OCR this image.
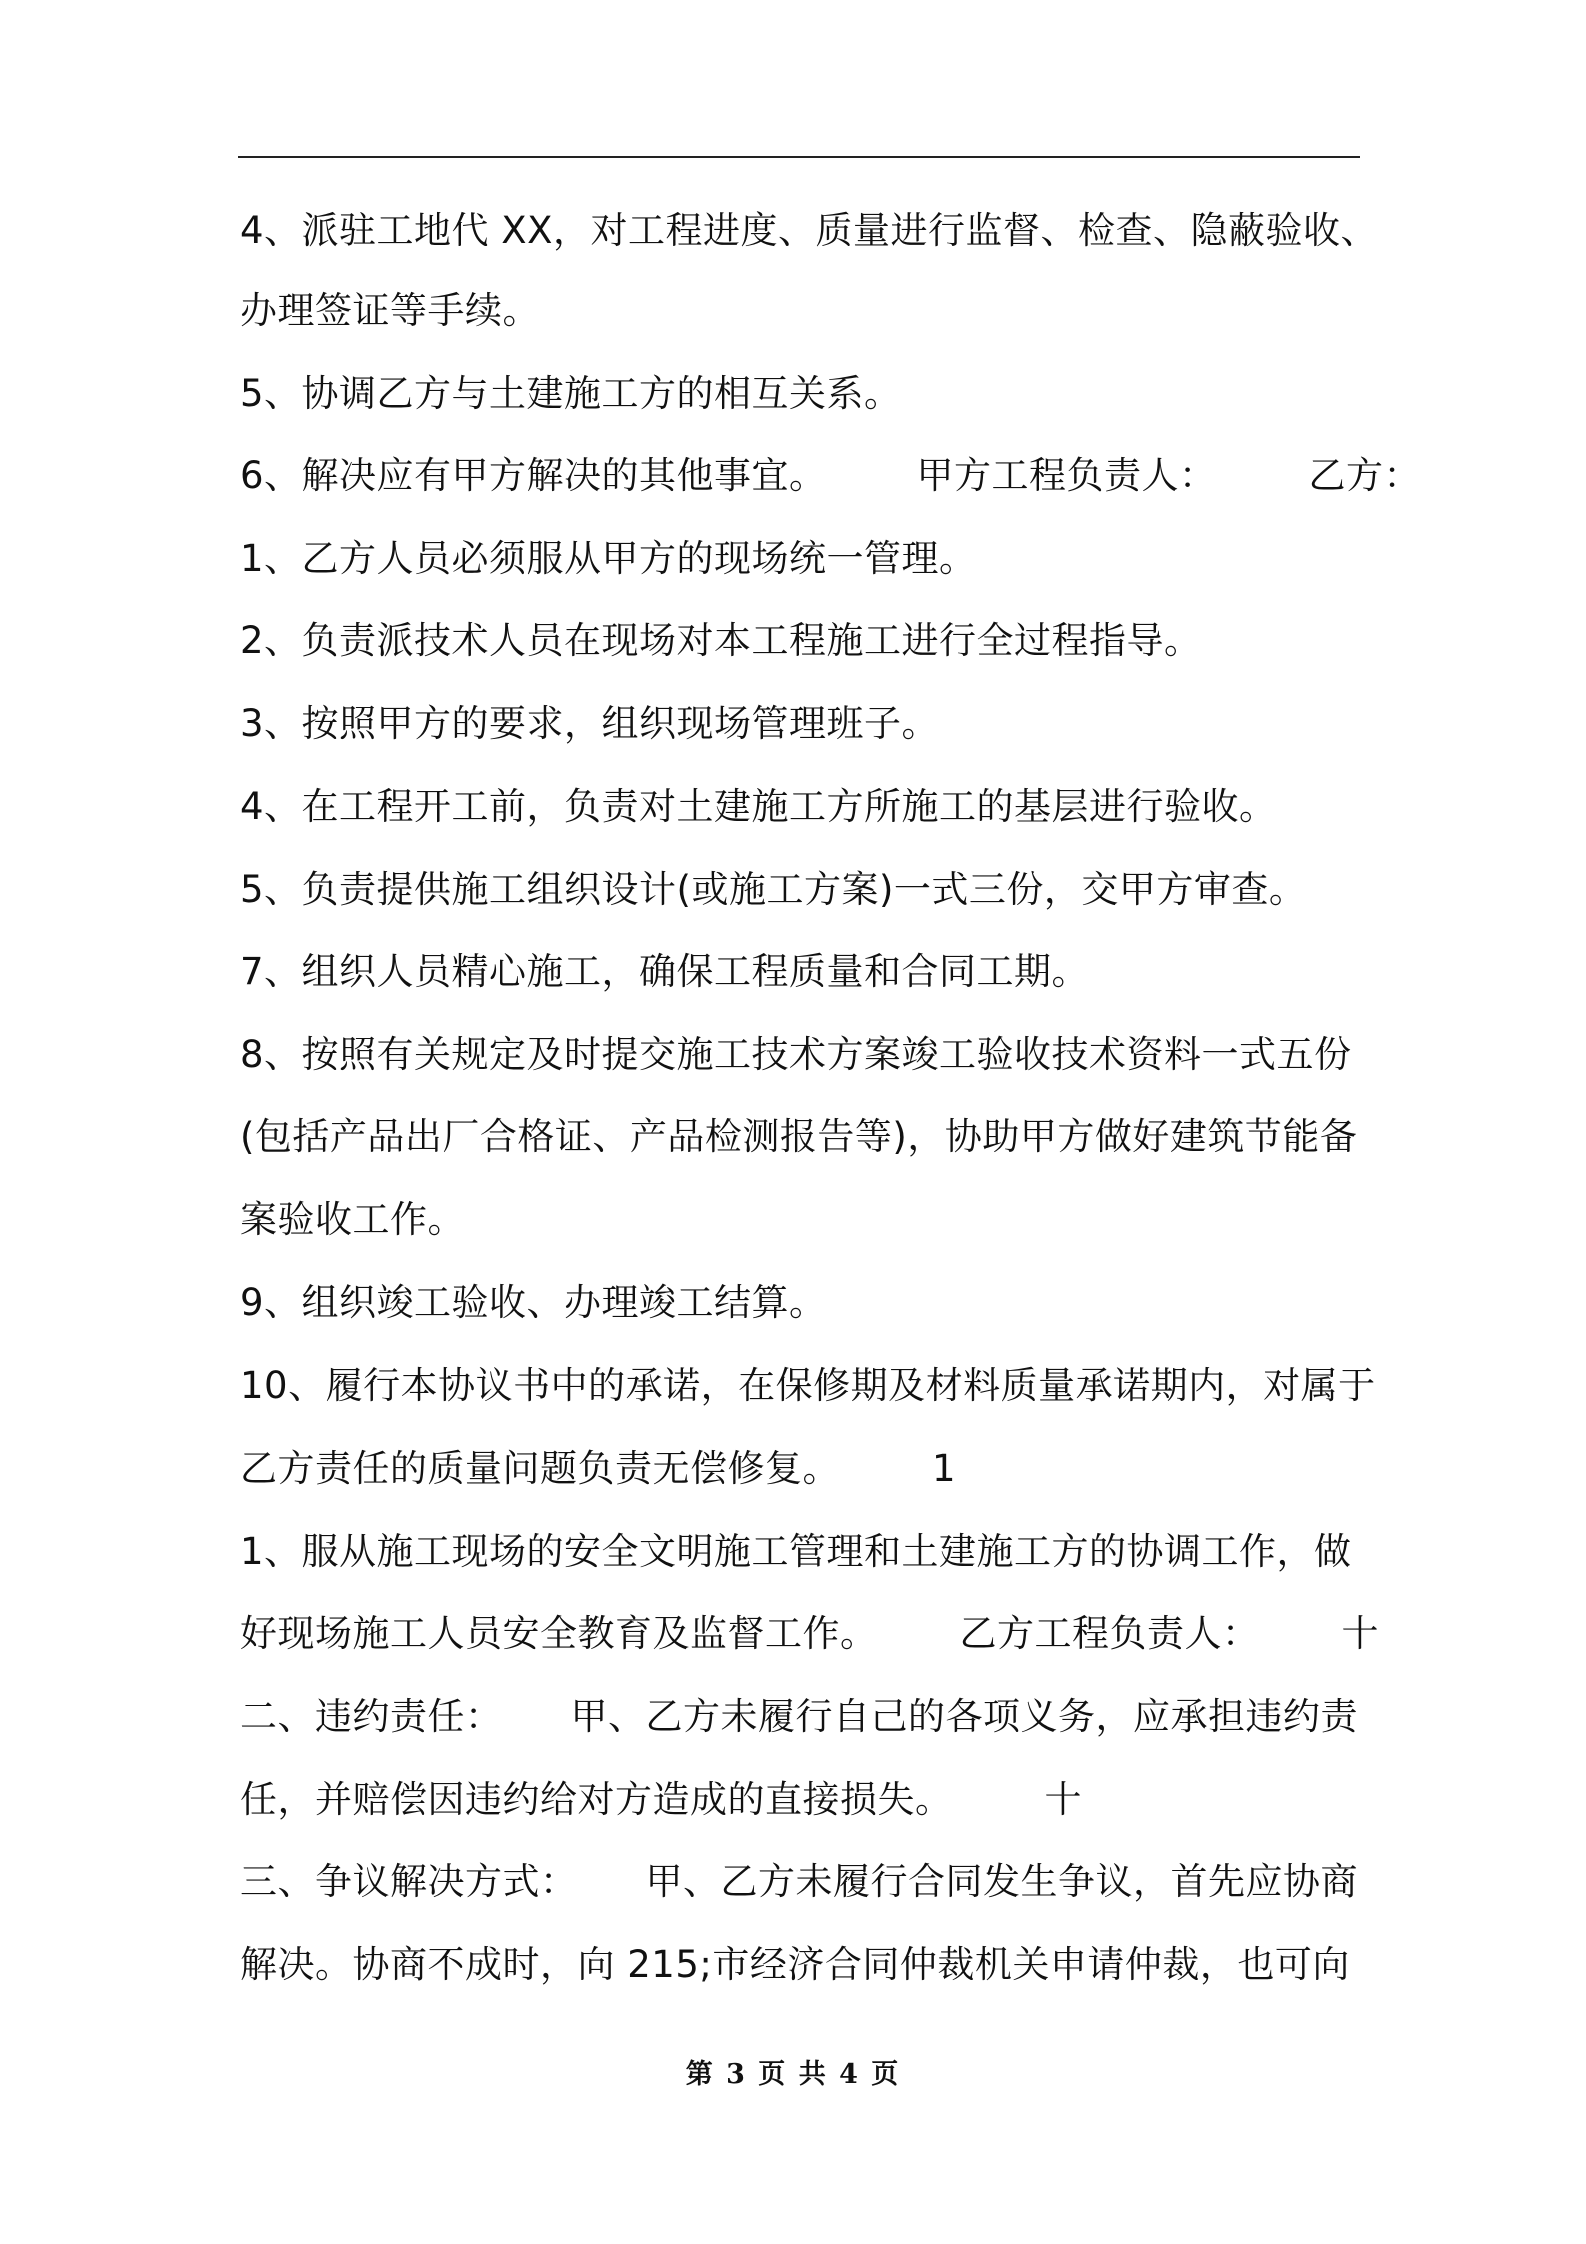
4、派驻工地代 XX，对工程进度、质量进行监督、检查、隐蔽验收、
办理签证等手续。
5、协调乙方与土建施工方的相互关系。
6、解决应有甲方解决的其他事宜。 甲方工程负责人： 乙方：
1、乙方人员必须服从甲方的现场统一管理。
2、负责派技术人员在现场对本工程施工进行全过程指导。
3、按照甲方的要求，组织现场管理班子。
4、在工程开工前，负责对土建施工方所施工的基层进行验收。
5、负责提供施工组织设计(或施工方案)一式三份，交甲方审查。
7、组织人员精心施工，确保工程质量和合同工期。
8、按照有关规定及时提交施工技术方案竣工验收技术资料一式五份
(包括产品出厂合格证、产品检测报告等)，协助甲方做好建筑节能备
案验收工作。
9、组织竣工验收、办理竣工结算。
10、履行本协议书中的承诺，在保修期及材料质量承诺期内，对属于
乙方责任的质量问题负责无偿修复。 1
1、服从施工现场的安全文明施工管理和土建施工方的协调工作，做
好现场施工人员安全教育及监督工作。 乙方工程负责人： 十
二、违约责任： 甲、乙方未履行自己的各项义务，应承担违约责
任，并赔偿因违约给对方造成的直接损失。 十
三、争议解决方式： 甲、乙方未履行合同发生争议，首先应协商
解决。协商不成时，向 215;市经济合同仲裁机关申请仲裁，也可向
第 3 页 共 4 页
